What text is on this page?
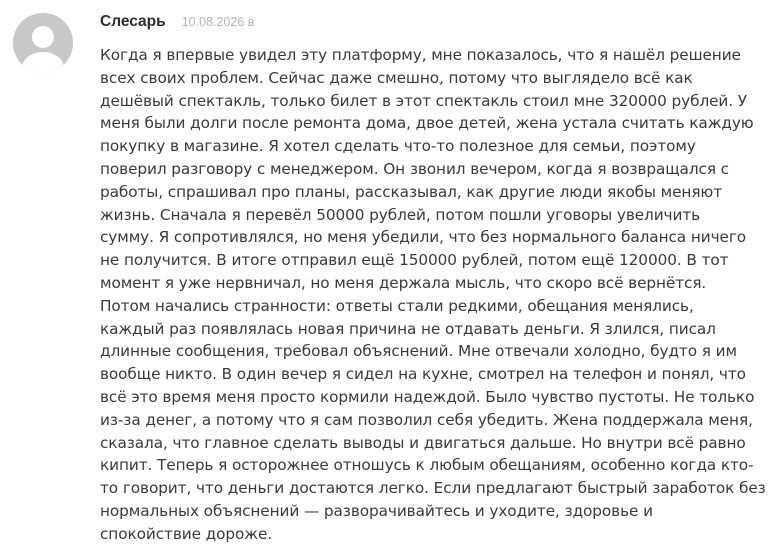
Слесарь 10.08.2026 в
Когда я впервые увидел эту платформу, мне показалось, что я нашёл решение
всех своих проблем. Сейчас даже смешно, потому что выглядело всё как
дешёвый спектакль, только билет в этот спектакль стоил мне 320000 рублей. У
меня были долги после ремонта дома, двое детей, жена устала считать каждую
покупку в магазине. Я хотел сделать что-то полезное для семьи, поэтому
поверил разговору с менеджером. Он звонил вечером, когда я возвращался с
работы, спрашивал про планы, рассказывал, как другие люди якобы меняют
жизнь. Сначала я перевёл 50000 рублей, потом пошли уговоры увеличить
сумму. Я сопротивлялся, но меня убедили, что без нормального баланса ничего
не получится. В итоге отправил ещё 150000 рублей, потом ещё 120000. В тот
момент я уже нервничал, но меня держала мысль, что скоро всё вернётся.
Потом начались странности: ответы стали редкими, обещания менялись,
каждый раз появлялась новая причина не отдавать деньги. Я злился, писал
длинные сообщения, требовал объяснений. Мне отвечали холодно, будто я им
вообще никто. В один вечер я сидел на кухне, смотрел на телефон и понял, что
всё это время меня просто кормили надеждой. Было чувство пустоты. Не только
из-за денег, а потому что я сам позволил себя убедить. Жена поддержала меня,
сказала, что главное сделать выводы и двигаться дальше. Но внутри всё равно
кипит. Теперь я осторожнее отношусь к любым обещаниям, особенно когда кто-
то говорит, что деньги достаются легко. Если предлагают быстрый заработок без
нормальных объяснений — разворачивайтесь и уходите, здоровье и
спокойствие дороже.
